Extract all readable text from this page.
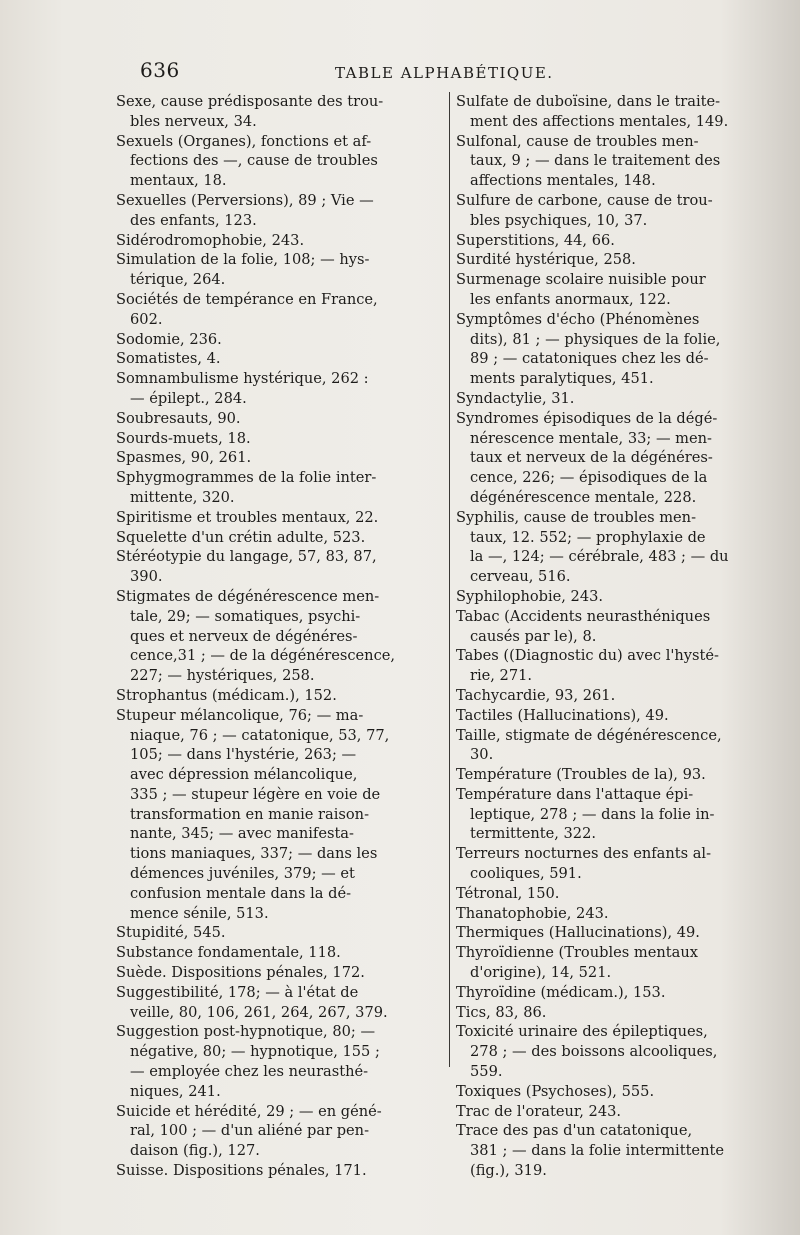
636	TABLE ALPHABÉTIQUE.

Sexe, cause prédisposante des trou-
bles nerveux, 34.

Sexuels (Organes), fonctions et af-
fections des —, cause de troubles
mentaux, 18.

Sexuelles (Perversions), 89 ; Vie —
des enfants, 123.

Sidérodromophobie, 243.

Simulation de la folie, 108; — hys-
térique, 264.

Sociétés de tempérance en France,
602.

Sodomie, 236.

Somatistes, 4.

Somnambulisme hystérique, 262 :
— épilept., 284.

Soubresauts, 90.

Sourds-muets, 18.

Spasmes, 90, 261.

Sphygmogrammes de la folie inter-
mittente, 320.

Spiritisme et troubles mentaux, 22.

Squelette d'un crétin adulte, 523.

Stéréotypie du langage, 57, 83, 87,
390.

Stigmates de dégénérescence men-
tale, 29; — somatiques, psychi-
ques et nerveux de dégénéres-
cence,31 ; — de la dégénérescence,
227; — hystériques, 258.

Strophantus (médicam.), 152.

Stupeur mélancolique, 76; — ma-
niaque, 76 ; — catatonique, 53, 77,
105; — dans l'hystérie, 263; —
avec dépression mélancolique,
335 ; — stupeur légère en voie de
transformation en manie raison-
nante, 345; — avec manifesta-
tions maniaques, 337; — dans les
démences juvéniles, 379; — et
confusion mentale dans la dé-
mence sénile, 513.

Stupidité, 545.

Substance fondamentale, 118.

Suède. Dispositions pénales, 172.

Suggestibilité, 178; — à l'état de
veille, 80, 106, 261, 264, 267, 379.

Suggestion post-hypnotique, 80; —
négative, 80; — hypnotique, 155 ;
— employée chez les neurasthé-
niques, 241.

Suicide et hérédité, 29 ; — en géné-
ral, 100 ; — d'un aliéné par pen-
daison (fig.), 127.

Suisse. Dispositions pénales, 171.

Sulfate de duboïsine, dans le traite-
ment des affections mentales, 149.

Sulfonal, cause de troubles men-
taux, 9 ; — dans le traitement des
affections mentales, 148.

Sulfure de carbone, cause de trou-
bles psychiques, 10, 37.

Superstitions, 44, 66.

Surdité hystérique, 258.

Surmenage scolaire nuisible pour
les enfants anormaux, 122.

Symptômes d'écho (Phénomènes
dits), 81 ; — physiques de la folie,
89 ; — catatoniques chez les dé-
ments paralytiques, 451.

Syndactylie, 31.

Syndromes épisodiques de la dégé-
nérescence mentale, 33; — men-
taux et nerveux de la dégénéres-
cence, 226; — épisodiques de la
dégénérescence mentale, 228.

Syphilis, cause de troubles men-
taux, 12. 552; — prophylaxie de
la —, 124; — cérébrale, 483 ; — du
cerveau, 516.

Syphilophobie, 243.

Tabac (Accidents neurasthéniques
causés par le), 8.

Tabes ((Diagnostic du) avec l'hysté-
rie, 271.

Tachycardie, 93, 261.

Tactiles (Hallucinations), 49.

Taille, stigmate de dégénérescence,
30.

Température (Troubles de la), 93.

Température dans l'attaque épi-
leptique, 278 ; — dans la folie in-
termittente, 322.

Terreurs nocturnes des enfants al-
cooliques, 591.

Tétronal, 150.

Thanatophobie, 243.

Thermiques (Hallucinations), 49.

Thyroïdienne (Troubles mentaux
d'origine), 14, 521.

Thyroïdine (médicam.), 153.

Tics, 83, 86.

Toxicité urinaire des épileptiques,
278 ; — des boissons alcooliques,
559.

Toxiques (Psychoses), 555.

Trac de l'orateur, 243.

Trace des pas d'un catatonique,
381 ; — dans la folie intermittente
(fig.), 319.
